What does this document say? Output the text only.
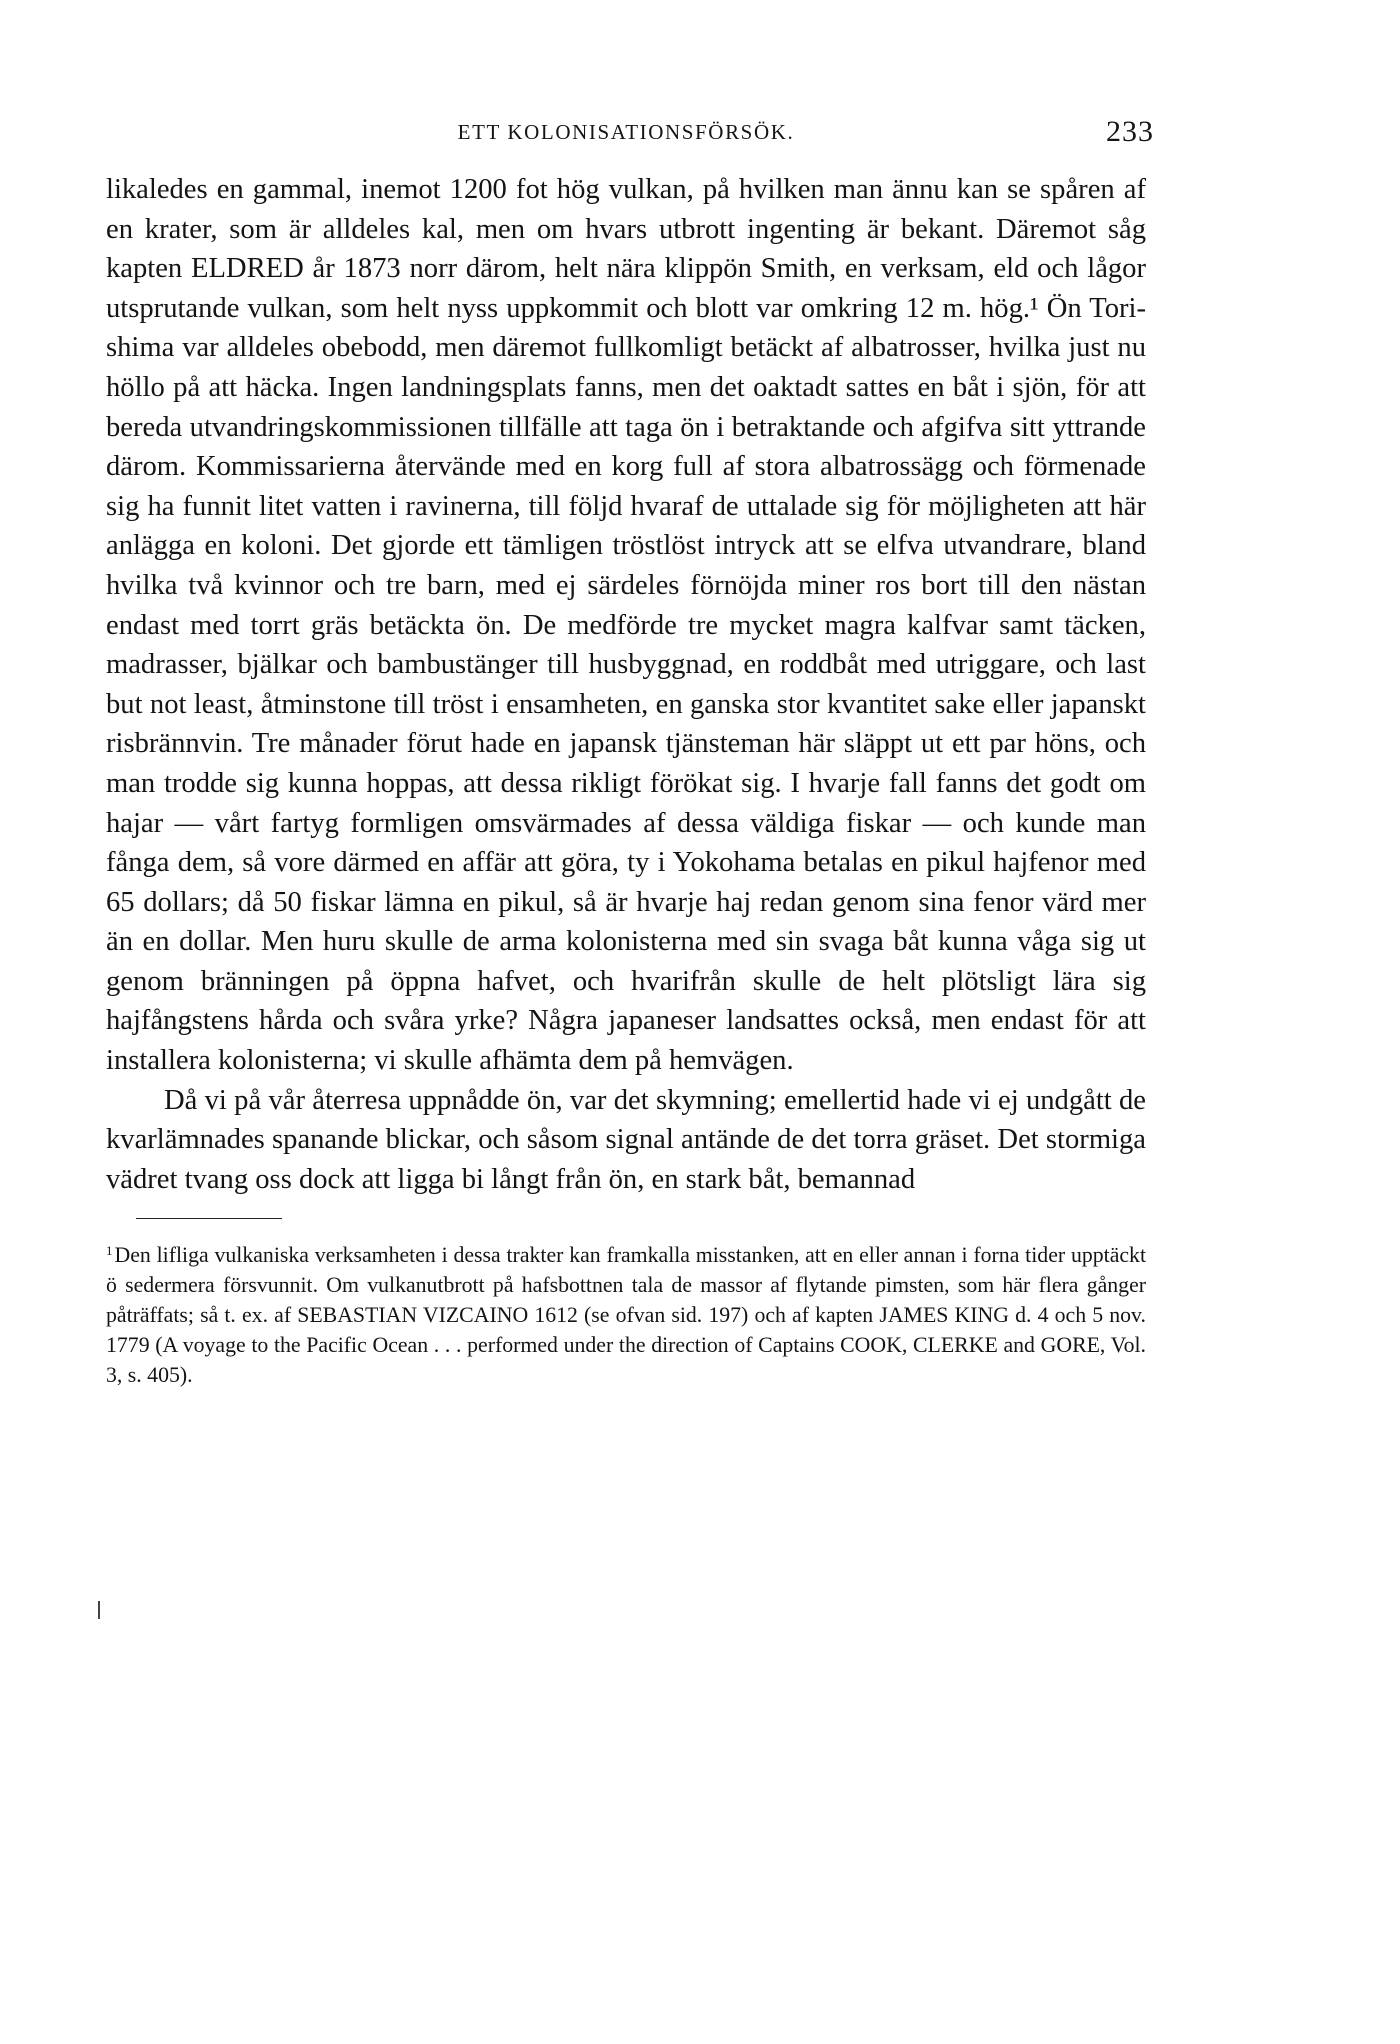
ETT KOLONISATIONSFÖRSÖK.	233

likaledes en gammal, inemot 1200 fot hög vulkan, på hvilken man ännu kan se spåren af en krater, som är alldeles kal, men om hvars utbrott ingenting är bekant. Däremot såg kapten ELDRED år 1873 norr därom, helt nära klippön Smith, en verksam, eld och lågor utsprutande vulkan, som helt nyss uppkommit och blott var omkring 12 m. hög.¹ Ön Tori-shima var alldeles obebodd, men däremot fullkomligt betäckt af albatrosser, hvilka just nu höllo på att häcka. Ingen landningsplats fanns, men det oaktadt sattes en båt i sjön, för att bereda utvandringskommissionen tillfälle att taga ön i betraktande och afgifva sitt yttrande därom. Kommissarierna återvände med en korg full af stora albatrossägg och förmenade sig ha funnit litet vatten i ravinerna, till följd hvaraf de uttalade sig för möjligheten att här anlägga en koloni. Det gjorde ett tämligen tröstlöst intryck att se elfva utvandrare, bland hvilka två kvinnor och tre barn, med ej särdeles förnöjda miner ros bort till den nästan endast med torrt gräs betäckta ön. De medförde tre mycket magra kalfvar samt täcken, madrasser, bjälkar och bambustänger till husbyggnad, en roddbåt med utriggare, och last but not least, åtminstone till tröst i ensamheten, en ganska stor kvantitet sake eller japanskt risbrännvin. Tre månader förut hade en japansk tjänsteman här släppt ut ett par höns, och man trodde sig kunna hoppas, att dessa rikligt förökat sig. I hvarje fall fanns det godt om hajar — vårt fartyg formligen omsvärmades af dessa väldiga fiskar — och kunde man fånga dem, så vore därmed en affär att göra, ty i Yokohama betalas en pikul hajfenor med 65 dollars; då 50 fiskar lämna en pikul, så är hvarje haj redan genom sina fenor värd mer än en dollar. Men huru skulle de arma kolonisterna med sin svaga båt kunna våga sig ut genom bränningen på öppna hafvet, och hvarifrån skulle de helt plötsligt lära sig hajfångstens hårda och svåra yrke? Några japaneser landsattes också, men endast för att installera kolonisterna; vi skulle afhämta dem på hemvägen.

Då vi på vår återresa uppnådde ön, var det skymning; emellertid hade vi ej undgått de kvarlämnades spanande blickar, och såsom signal antände de det torra gräset. Det stormiga vädret tvang oss dock att ligga bi långt från ön, en stark båt, bemannad

$^1$Den lifliga vulkaniska verksamheten i dessa trakter kan framkalla misstanken, att en eller annan i forna tider upptäckt ö sedermera försvunnit. Om vulkanutbrott på hafsbottnen tala de massor af flytande pimsten, som här flera gånger påträffats; så t. ex. af SEBASTIAN VIZCAINO 1612 (se ofvan sid. 197) och af kapten JAMES KING d. 4 och 5 nov. 1779 (A voyage to the Pacific Ocean . . . performed under the direction of Captains COOK, CLERKE and GORE, Vol. 3, s. 405).
